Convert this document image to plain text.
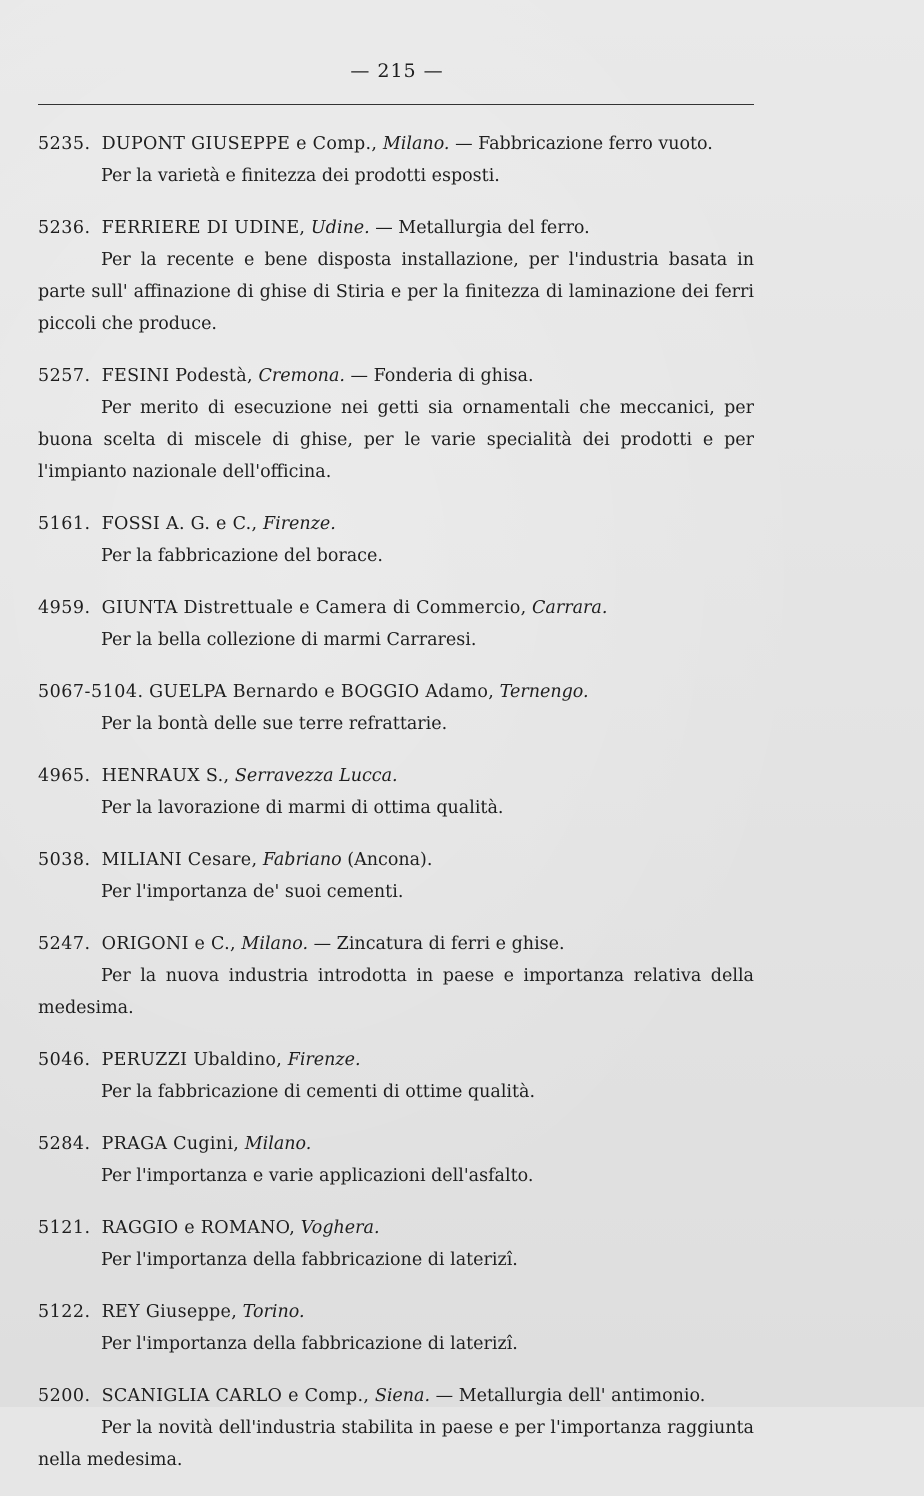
— 215 —
5235. DUPONT GIUSEPPE e Comp., Milano. — Fabbricazione ferro vuoto.
Per la varietà e finitezza dei prodotti esposti.
5236. FERRIERE DI UDINE, Udine. — Metallurgia del ferro.
Per la recente e bene disposta installazione, per l'industria basata in parte sull' affinazione di ghise di Stiria e per la finitezza di laminazione dei ferri piccoli che produce.
5257. FESINI Podestà, Cremona. — Fonderia di ghisa.
Per merito di esecuzione nei getti sia ornamentali che meccanici, per buona scelta di miscele di ghise, per le varie specialità dei prodotti e per l'impianto nazionale dell'officina.
5161. FOSSI A. G. e C., Firenze.
Per la fabbricazione del borace.
4959. GIUNTA Distrettuale e Camera di Commercio, Carrara.
Per la bella collezione di marmi Carraresi.
5067-5104. GUELPA Bernardo e BOGGIO Adamo, Ternengo.
Per la bontà delle sue terre refrattarie.
4965. HENRAUX S., Serravezza Lucca.
Per la lavorazione di marmi di ottima qualità.
5038. MILIANI Cesare, Fabriano (Ancona).
Per l'importanza de' suoi cementi.
5247. ORIGONI e C., Milano. — Zincatura di ferri e ghise.
Per la nuova industria introdotta in paese e importanza relativa della medesima.
5046. PERUZZI Ubaldino, Firenze.
Per la fabbricazione di cementi di ottime qualità.
5284. PRAGA Cugini, Milano.
Per l'importanza e varie applicazioni dell'asfalto.
5121. RAGGIO e ROMANO, Voghera.
Per l'importanza della fabbricazione di laterizî.
5122. REY Giuseppe, Torino.
Per l'importanza della fabbricazione di laterizî.
5200. SCANIGLIA CARLO e Comp., Siena. — Metallurgia dell' antimonio.
Per la novità dell'industria stabilita in paese e per l'importanza raggiunta nella medesima.
